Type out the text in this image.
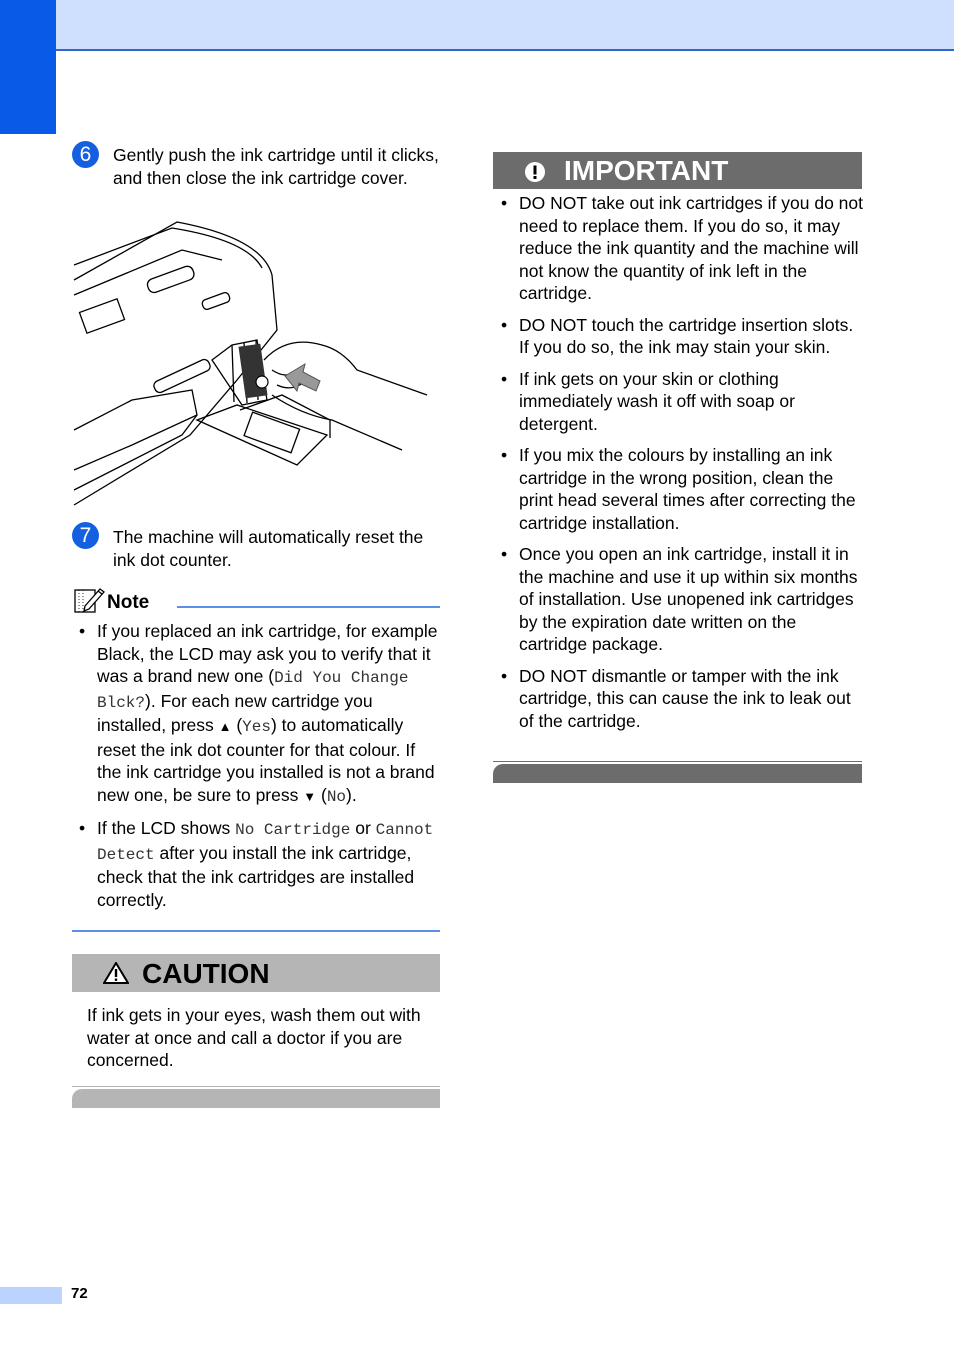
6	Gently push the ink cartridge until it clicks, and then close the ink cartridge cover.
7	The machine will automatically reset the ink dot counter.
Note
• If you replaced an ink cartridge, for example Black, the LCD may ask you to verify that it was a brand new one (Did You Change Blck?). For each new cartridge you installed, press ▲ (Yes) to automatically reset the ink dot counter for that colour. If the ink cartridge you installed is not a brand new one, be sure to press ▼ (No).
• If the LCD shows No Cartridge or Cannot Detect after you install the ink cartridge, check that the ink cartridges are installed correctly.
CAUTION
If ink gets in your eyes, wash them out with water at once and call a doctor if you are concerned.
IMPORTANT
• DO NOT take out ink cartridges if you do not need to replace them. If you do so, it may reduce the ink quantity and the machine will not know the quantity of ink left in the cartridge.
• DO NOT touch the cartridge insertion slots. If you do so, the ink may stain your skin.
• If ink gets on your skin or clothing immediately wash it off with soap or detergent.
• If you mix the colours by installing an ink cartridge in the wrong position, clean the print head several times after correcting the cartridge installation.
• Once you open an ink cartridge, install it in the machine and use it up within six months of installation. Use unopened ink cartridges by the expiration date written on the cartridge package.
• DO NOT dismantle or tamper with the ink cartridge, this can cause the ink to leak out of the cartridge.
72
